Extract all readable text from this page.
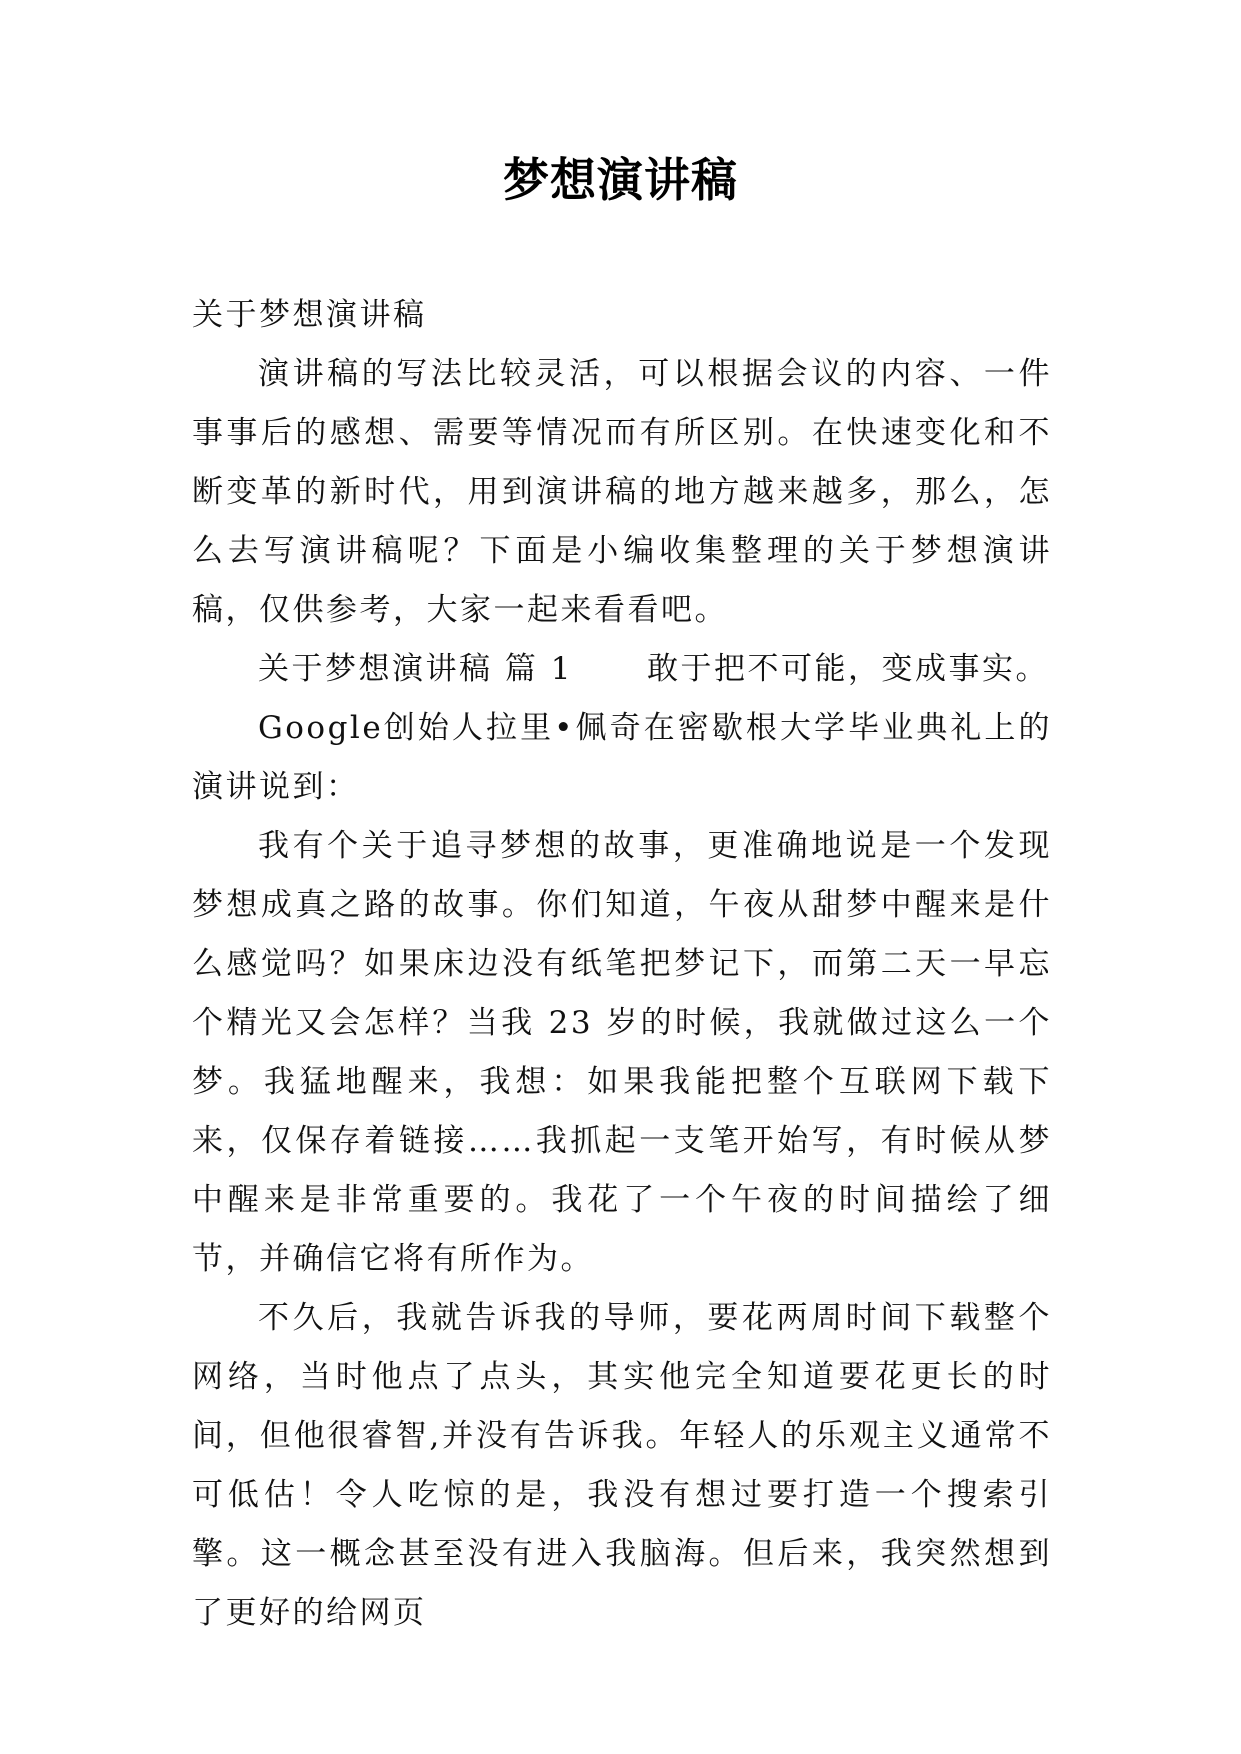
梦想演讲稿

关于梦想演讲稿

演讲稿的写法比较灵活，可以根据会议的内容、一件事事后的感想、需要等情况而有所区别。在快速变化和不断变革的新时代，用到演讲稿的地方越来越多，那么，怎么去写演讲稿呢？下面是小编收集整理的关于梦想演讲稿，仅供参考，大家一起来看看吧。

关于梦想演讲稿 篇 1 敢于把不可能，变成事实。

Google创始人拉里•佩奇在密歇根大学毕业典礼上的演讲说到：

我有个关于追寻梦想的故事，更准确地说是一个发现梦想成真之路的故事。你们知道，午夜从甜梦中醒来是什么感觉吗？如果床边没有纸笔把梦记下，而第二天一早忘个精光又会怎样？当我 23 岁的时候，我就做过这么一个梦。我猛地醒来，我想：如果我能把整个互联网下载下来，仅保存着链接……我抓起一支笔开始写，有时候从梦中醒来是非常重要的。我花了一个午夜的时间描绘了细节，并确信它将有所作为。

不久后，我就告诉我的导师，要花两周时间下载整个网络，当时他点了点头，其实他完全知道要花更长的时间，但他很睿智,并没有告诉我。年轻人的乐观主义通常不可低估！令人吃惊的是，我没有想过要打造一个搜索引擎。这一概念甚至没有进入我脑海。但后来，我突然想到了更好的给网页
